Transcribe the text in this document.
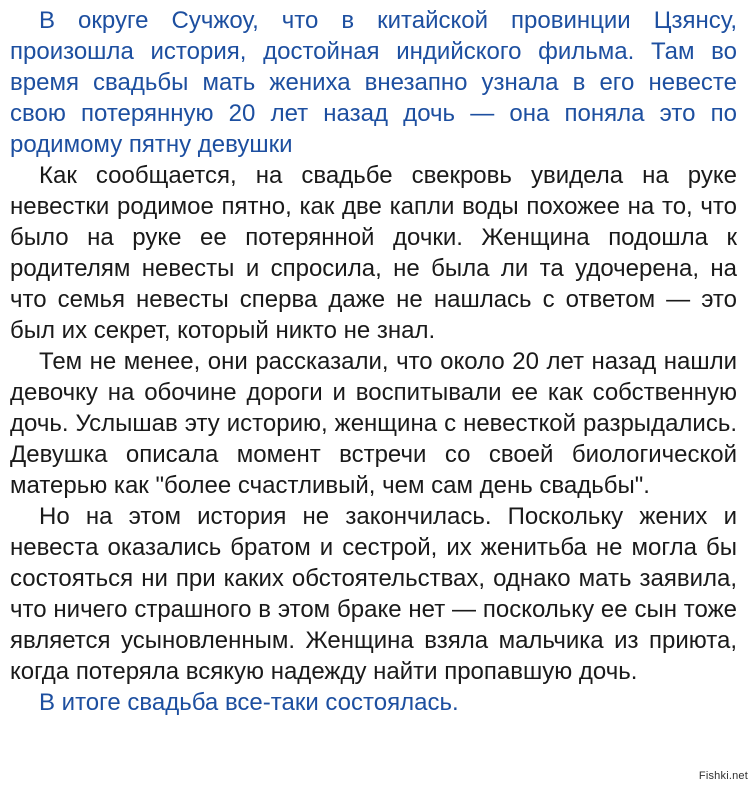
В округе Сучжоу, что в китайской провинции Цзянсу, произошла история, достойная индийского фильма. Там во время свадьбы мать жениха внезапно узнала в его невесте свою потерянную 20 лет назад дочь — она поняла это по родимому пятну девушки

Как сообщается, на свадьбе свекровь увидела на руке невестки родимое пятно, как две капли воды похожее на то, что было на руке ее потерянной дочки. Женщина подошла к родителям невесты и спросила, не была ли та удочерена, на что семья невесты сперва даже не нашлась с ответом — это был их секрет, который никто не знал.

Тем не менее, они рассказали, что около 20 лет назад нашли девочку на обочине дороги и воспитывали ее как собственную дочь. Услышав эту историю, женщина с невесткой разрыдались. Девушка описала момент встречи со своей биологической матерью как "более счастливый, чем сам день свадьбы".

Но на этом история не закончилась. Поскольку жених и невеста оказались братом и сестрой, их женитьба не могла бы состояться ни при каких обстоятельствах, однако мать заявила, что ничего страшного в этом браке нет — поскольку ее сын тоже является усыновленным. Женщина взяла мальчика из приюта, когда потеряла всякую надежду найти пропавшую дочь.

В итоге свадьба все-таки состоялась.

Fishki.net
